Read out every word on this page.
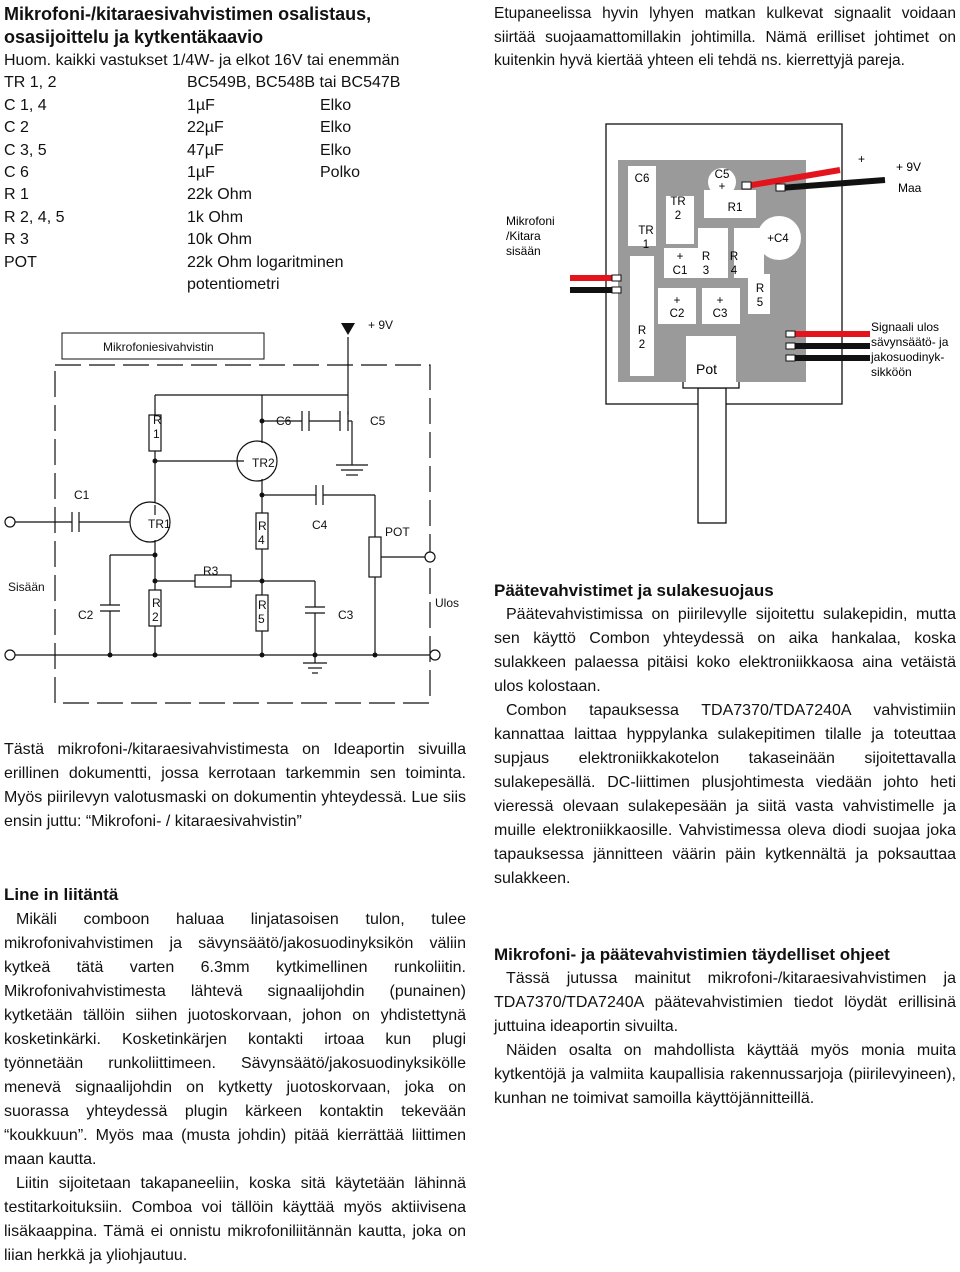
Mikrofoni-/kitaraesivahvistimen osalistaus, osasijoittelu ja kytkentäkaavio
Huom. kaikki vastukset 1/4W- ja elkot 16V tai enemmän
TR 1, 2	BC549B, BC548B tai BC547B
C 1, 4	1µF	Elko
C 2	22µF	Elko
C 3, 5	47µF	Elko
C 6	1µF	Polko
R 1	22k Ohm
R 2, 4, 5	1k Ohm
R 3	10k Ohm
POT	22k Ohm logaritminen
potentiometri

Etupaneelissa hyvin lyhyen matkan kulkevat signaalit voidaan siirtää suojaamattomillakin johtimilla. Nämä erilliset johtimet on kuitenkin hyvä kiertää yhteen eli tehdä ns. kierrettyjä pareja.

Mikrofoni
/Kitara
sisään
+
+ 9V
Maa
Signaali ulos
sävynsäätö- ja
jakosuodinyk-
sikköön
Pot
C6	C5
+
R1
TR
2
TR
1	+C4
+
C1
R
3
R
4
R
5
+
C2
+
C3
R
2
Mikrofoniesivahvistin
+ 9V
R
1
C6	C5
TR2
C1
TR1	R
4
C4	POT
Sisään
R3
Ulos
C2
R
2
R
5	C3

Tästä mikrofoni-/kitaraesivahvistimesta on Ideaportin sivuilla erillinen dokumentti, jossa kerrotaan tarkemmin sen toiminta. Myös piirilevyn valotusmaski on dokumentin yhteydessä. Lue siis ensin juttu: “Mikrofoni- / kitaraesivahvistin”

Line in liitäntä

Mikäli comboon haluaa linjatasoisen tulon, tulee mikrofonivahvistimen ja sävynsäätö/jakosuodinyksikön väliin kytkeä tätä varten 6.3mm kytkimellinen runkoliitin. Mikrofonivahvistimesta lähtevä signaalijohdin (punainen) kytketään tällöin siihen juotoskorvaan, johon on yhdistettynä kosketinkärki. Kosketinkärjen kontakti irtoaa kun plugi työnnetään runkoliittimeen. Sävynsäätö/jakosuodinyksikölle menevä signaalijohdin on kytketty juotoskorvaan, joka on suorassa yhteydessä plugin kärkeen kontaktin tekevään “koukkuun”. Myös maa (musta johdin) pitää kierrättää liittimen maan kautta.

Liitin sijoitetaan takapaneeliin, koska sitä käytetään lähinnä testitarkoituksiin. Comboa voi tällöin käyttää myös aktiivisena lisäkaappina. Tämä ei onnistu mikrofoniliitännän kautta, joka on liian herkkä ja yliohjautuu.

Päätevahvistimet ja sulakesuojaus

Päätevahvistimissa on piirilevylle sijoitettu sulakepidin, mutta sen käyttö Combon yhteydessä on aika hankalaa, koska sulakkeen palaessa pitäisi koko elektroniikkaosa aina vetäistä ulos kolostaan.

Combon tapauksessa TDA7370/TDA7240A vahvistimiin kannattaa laittaa hyppylanka sulakepitimen tilalle ja toteuttaa supjaus elektroniikkakotelon takaseinään sijoitettavalla sulakepesällä. DC-liittimen plusjohtimesta viedään johto heti vieressä olevaan sulakepesään ja siitä vasta vahvistimelle ja muille elektroniikkaosille. Vahvistimessa oleva diodi suojaa joka tapauksessa jännitteen väärin päin kytkennältä ja poksauttaa sulakkeen.

Mikrofoni- ja päätevahvistimien täydelliset ohjeet

Tässä jutussa mainitut mikrofoni-/kitaraesivahvistimen ja TDA7370/TDA7240A päätevahvistimien tiedot löydät erillisinä juttuina ideaportin sivuilta.

Näiden osalta on mahdollista käyttää myös monia muita kytkentöjä ja valmiita kaupallisia rakennussarjoja (piirilevyineen), kunhan ne toimivat samoilla käyttöjännitteillä.
